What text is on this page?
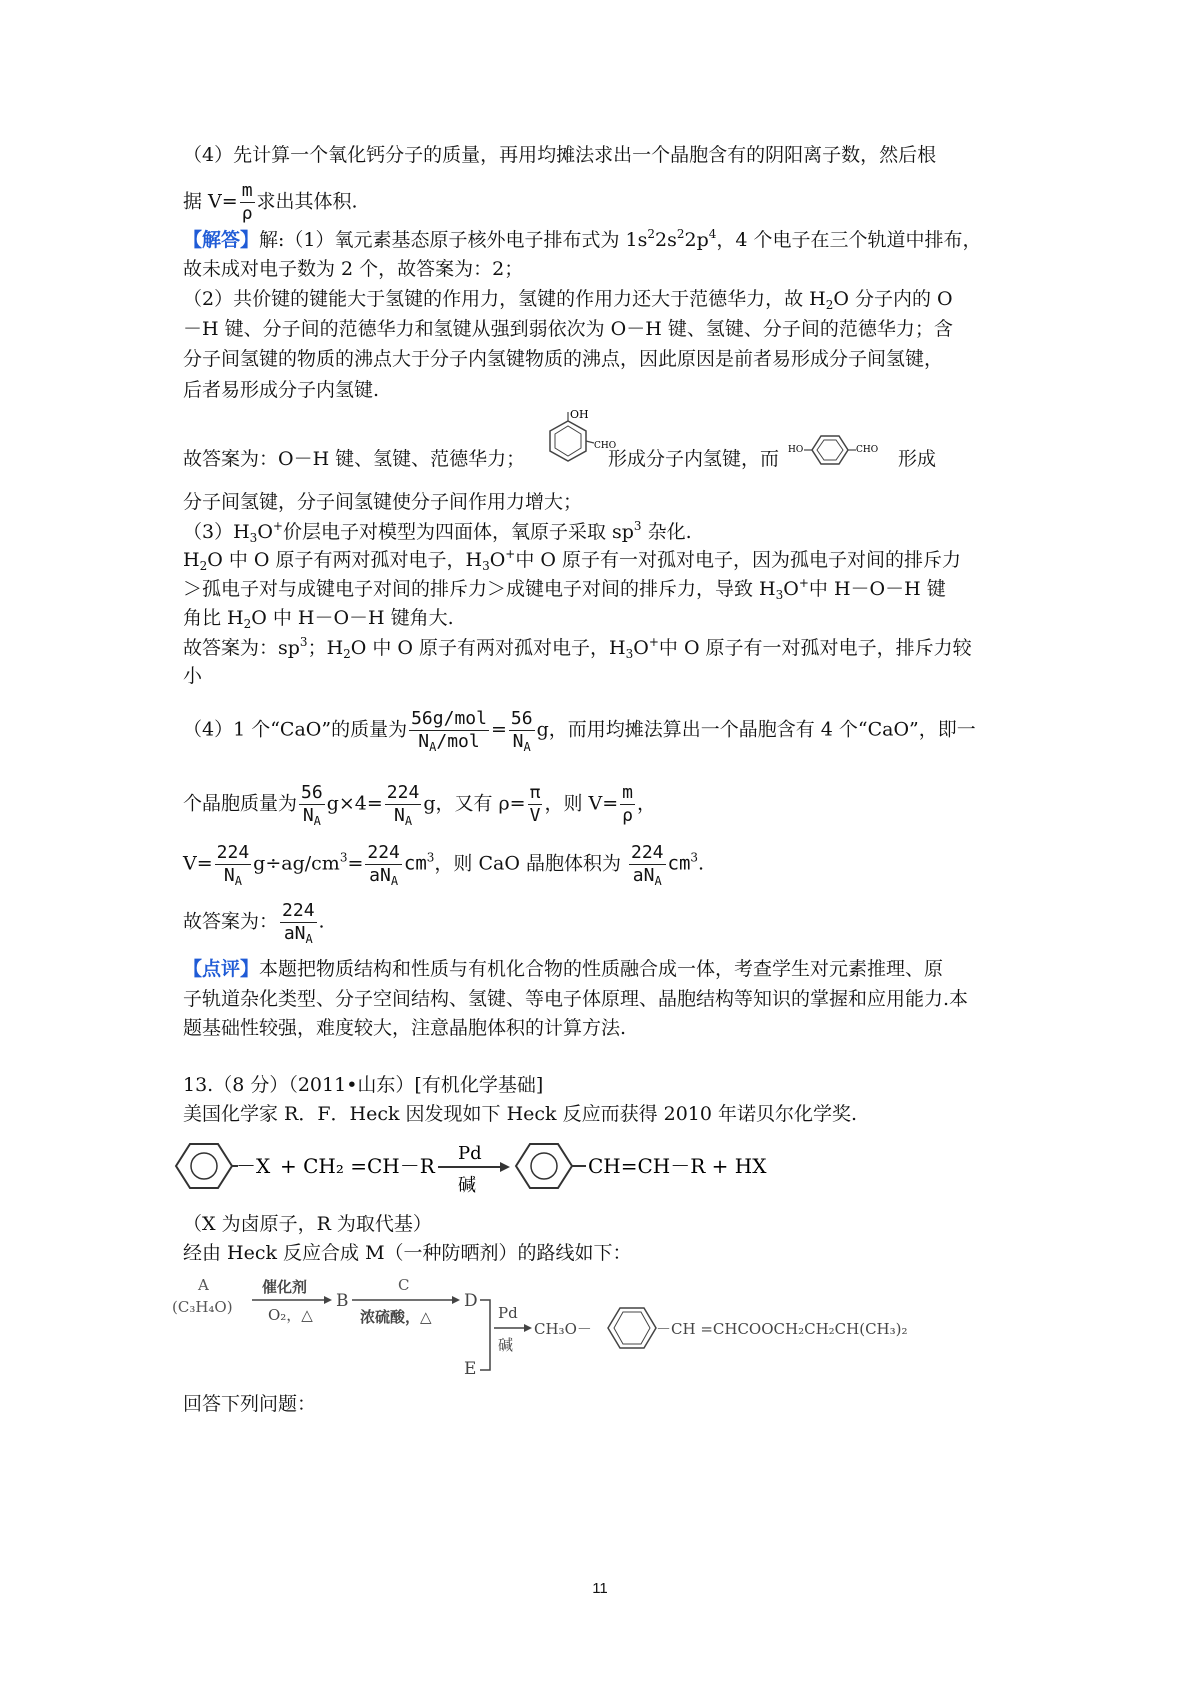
（4）先计算一个氧化钙分子的质量，再用均摊法求出一个晶胞含有的阴阳离子数，然后根
据 $V= \frac{m}{\rho}$ 求出其体积.
【解答】解:（1）氧元素基态原子核外电子排布式为 $1s^22s^22p^4$，4 个电子在三个轨道中排布，
故未成对电子数为 2 个，故答案为：2；
（2）共价键的键能大于氢键的作用力，氢键的作用力还大于范德华力，故 $H_2O$ 分子内的 O
－H 键、分子间的范德华力和氢键从强到弱依次为 O－H 键、氢键、分子间的范德华力；含
分子间氢键的物质的沸点大于分子内氢键物质的沸点，因此原因是前者易形成分子间氢键，
后者易形成分子内氢键.
故答案为：O－H 键、氢键、范德华力；
OH
CHO
形成分子内氢键，而 HO	CHO 形成
分子间氢键，分子间氢键使分子间作用力增大；
$(3)H_3O^+$价层电子对模型为四面体，氧原子采取 $sp^3$ 杂化.
$H_2O$ 中 O 原子有两对孤对电子，$H_3O^+$中 O 原子有一对孤对电子，因为孤电子对间的排斥力
＞孤电子对与成键电子对间的排斥力＞成键电子对间的排斥力，导致 $H_3O^+$中 H－O－H 键
角比 $H_2O$ 中 H－O－H 键角大.
故答案为：$sp^3$；$H_2O$ 中 O 原子有两对孤对电子，$H_3O^+$中 O 原子有一对孤对电子，排斥力较
小
（4）1 个“CaO”的质量为 $\frac{\text{56g/mol}}{N_A/mol} = \frac{56}{N_A}$ g，而用均摊法算出一个晶胞含有 4 个“CaO”，即一
个晶胞质量为 $\frac{56}{N_A} g\times 4= \frac{224}{N_A}$ g，又有 $\rho= \frac{\pi}{V}$ ，则 $V= \frac{m}{\rho}$ ，
$V= \frac{224}{N_A} g\div ag/cm^3= \frac{224}{aN_A} cm^3$，则 CaO 晶胞体积为 $\frac{224}{aN_A} cm^3$.
故答案为： $\frac{224}{aN_A}$ .
【点评】本题把物质结构和性质与有机化合物的性质融合成一体，考查学生对元素推理、原
子轨道杂化类型、分子空间结构、氢键、等电子体原理、晶胞结构等知识的掌握和应用能力.本
题基础性较强，难度较大，注意晶胞体积的计算方法.
13.（8 分）（2011•山东）[有机化学基础]
美国化学家 R．F．Heck 因发现如下 Heck 反应而获得 2010 年诺贝尔化学奖.
－X + CH₂ =CH－R
Pd
碱
CH=CH－R + HX
（X 为卤原子，R 为取代基）
经由 Heck 反应合成 M（一种防晒剂）的路线如下：
A
(C₃H₄O)
催化剂
O₂，△
B
C
浓硫酸，△
D
E
Pd
碱
CH₃O－	－CH =CHCOOCH₂CH₂CH(CH₃)₂
回答下列问题：
11
